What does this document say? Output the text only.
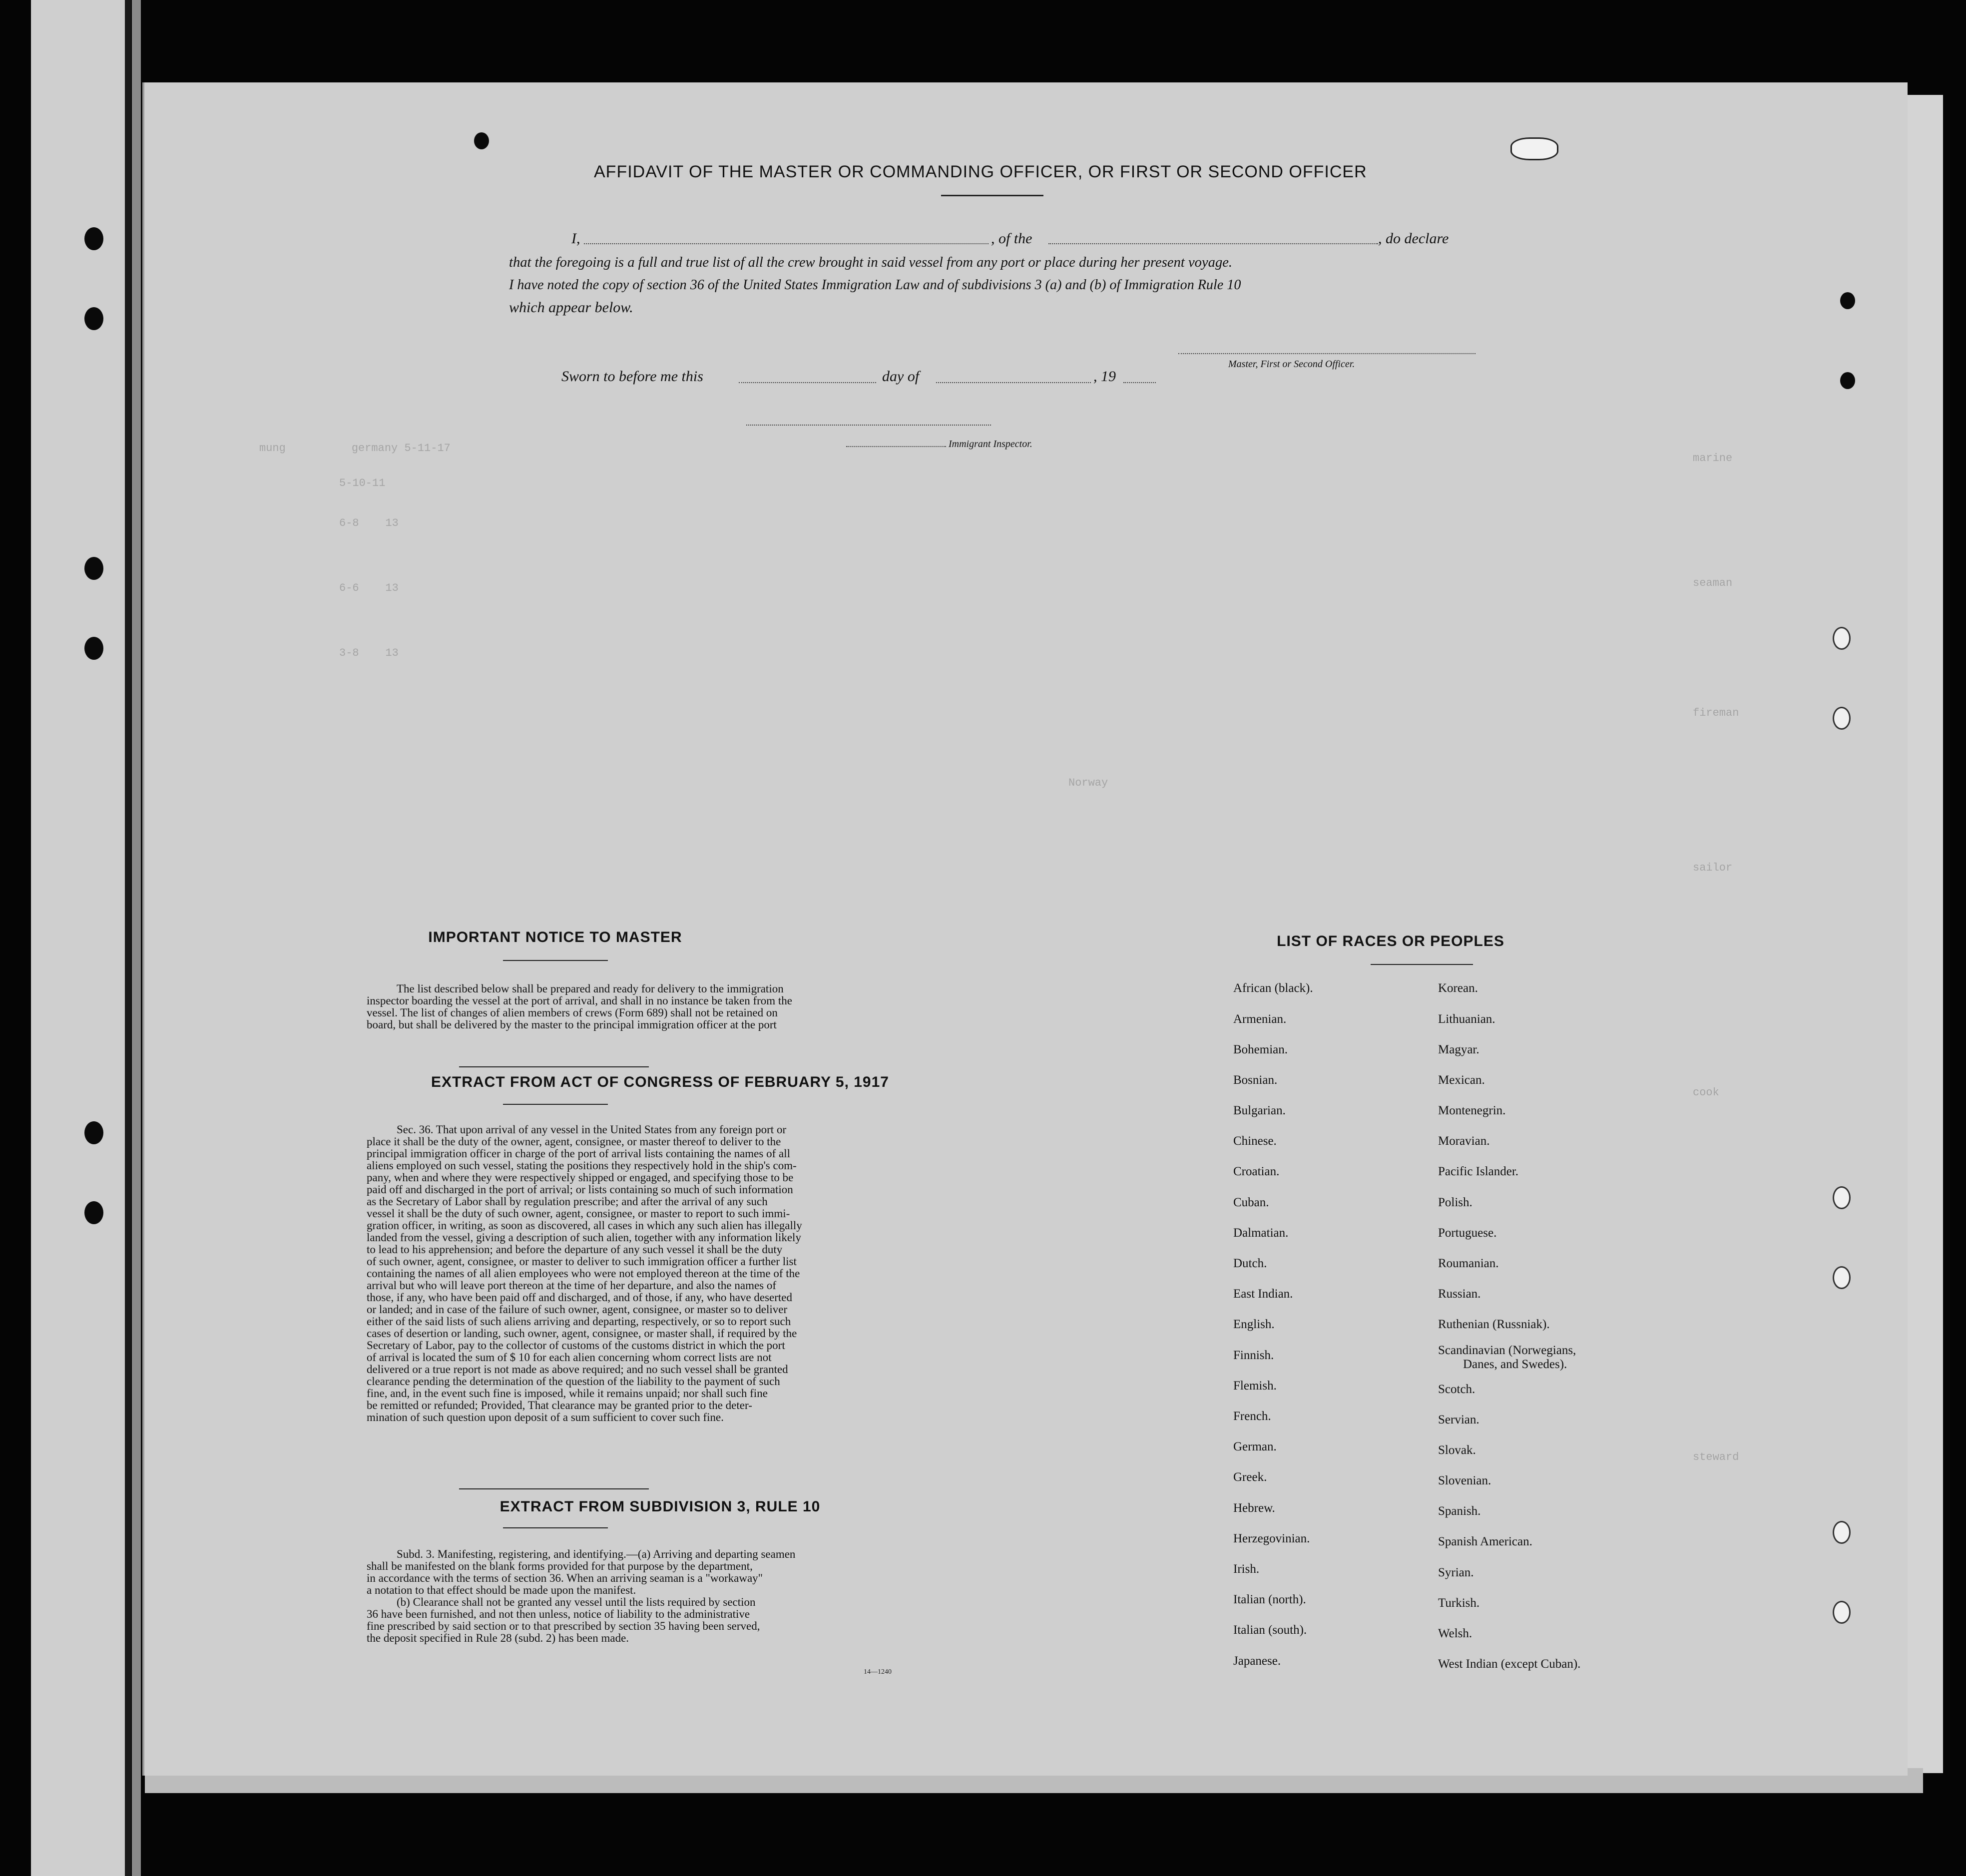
mung          germany 5-11-17
5-10-11
6-8    13
6-6    13
3-8    13
marine
seaman
fireman
sailor
cook
steward
Norway
AFFIDAVIT OF THE MASTER OR COMMANDING OFFICER, OR FIRST OR SECOND OFFICER
I,	, of the	, do declare
that the foregoing is a full and true list of all the crew brought in said vessel from any port or place during her present voyage.
I have noted the copy of section 36 of the United States Immigration Law and of subdivisions 3 (a) and (b) of Immigration Rule 10
which appear below.
Master, First or Second Officer.
Sworn to before me this	day of	, 19
Immigrant Inspector.
IMPORTANT NOTICE TO MASTER
The list described below shall be prepared and ready for delivery to the immigration
inspector boarding the vessel at the port of arrival, and shall in no instance be taken from the
vessel. The list of changes of alien members of crews (Form 689) shall not be retained on
board, but shall be delivered by the master to the principal immigration officer at the port
EXTRACT FROM ACT OF CONGRESS OF FEBRUARY 5, 1917
Sec. 36. That upon arrival of any vessel in the United States from any foreign port or
place it shall be the duty of the owner, agent, consignee, or master thereof to deliver to the
principal immigration officer in charge of the port of arrival lists containing the names of all
aliens employed on such vessel, stating the positions they respectively hold in the ship's com-
pany, when and where they were respectively shipped or engaged, and specifying those to be
paid off and discharged in the port of arrival; or lists containing so much of such information
as the Secretary of Labor shall by regulation prescribe; and after the arrival of any such
vessel it shall be the duty of such owner, agent, consignee, or master to report to such immi-
gration officer, in writing, as soon as discovered, all cases in which any such alien has illegally
landed from the vessel, giving a description of such alien, together with any information likely
to lead to his apprehension; and before the departure of any such vessel it shall be the duty
of such owner, agent, consignee, or master to deliver to such immigration officer a further list
containing the names of all alien employees who were not employed thereon at the time of the
arrival but who will leave port thereon at the time of her departure, and also the names of
those, if any, who have been paid off and discharged, and of those, if any, who have deserted
or landed; and in case of the failure of such owner, agent, consignee, or master so to deliver
either of the said lists of such aliens arriving and departing, respectively, or so to report such
cases of desertion or landing, such owner, agent, consignee, or master shall, if required by the
Secretary of Labor, pay to the collector of customs of the customs district in which the port
of arrival is located the sum of $ 10 for each alien concerning whom correct lists are not
delivered or a true report is not made as above required; and no such vessel shall be granted
clearance pending the determination of the question of the liability to the payment of such
fine, and, in the event such fine is imposed, while it remains unpaid; nor shall such fine
be remitted or refunded; Provided, That clearance may be granted prior to the deter-
mination of such question upon deposit of a sum sufficient to cover such fine.
EXTRACT FROM SUBDIVISION 3, RULE 10
Subd. 3. Manifesting, registering, and identifying.—(a) Arriving and departing seamen
shall be manifested on the blank forms provided for that purpose by the department,
in accordance with the terms of section 36. When an arriving seaman is a "workaway"
a notation to that effect should be made upon the manifest.
(b) Clearance shall not be granted any vessel until the lists required by section
36 have been furnished, and not then unless, notice of liability to the administrative
fine prescribed by said section or to that prescribed by section 35 having been served,
the deposit specified in Rule 28 (subd. 2) has been made.
14—1240
LIST OF RACES OR PEOPLES
African (black).
Armenian.
Bohemian.
Bosnian.
Bulgarian.
Chinese.
Croatian.
Cuban.
Dalmatian.
Dutch.
East Indian.
English.
Finnish.
Flemish.
French.
German.
Greek.
Hebrew.
Herzegovinian.
Irish.
Italian (north).
Italian (south).
Japanese.
Korean.
Lithuanian.
Magyar.
Mexican.
Montenegrin.
Moravian.
Pacific Islander.
Polish.
Portuguese.
Roumanian.
Russian.
Ruthenian (Russniak).
Scandinavian (Norwegians,
Danes, and Swedes).
Scotch.
Servian.
Slovak.
Slovenian.
Spanish.
Spanish American.
Syrian.
Turkish.
Welsh.
West Indian (except Cuban).
